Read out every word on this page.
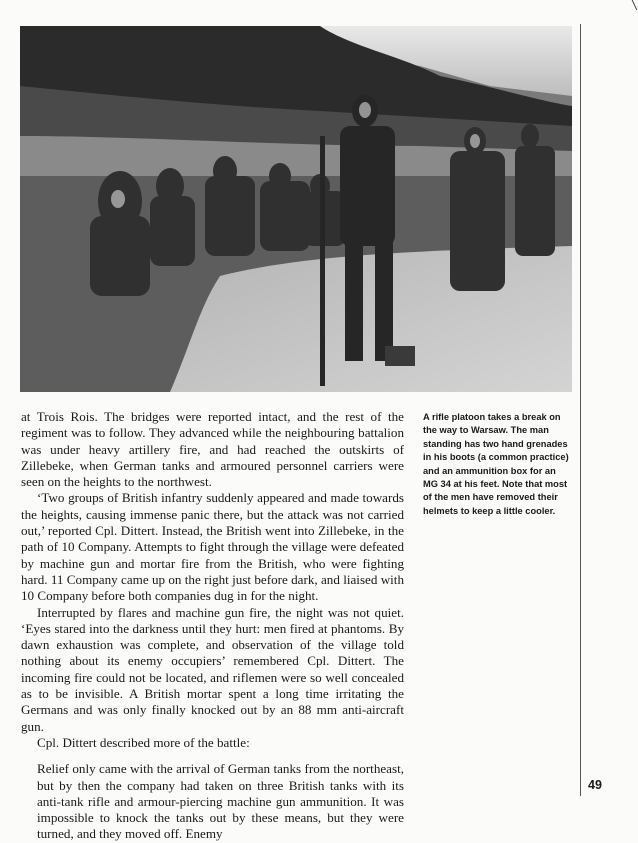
at Trois Rois. The bridges were reported intact, and the rest of the regiment was to follow. They advanced while the neighbouring battalion was under heavy artillery fire, and had reached the outskirts of Zillebeke, when German tanks and armoured personnel carriers were seen on the heights to the northwest.

‘Two groups of British infantry suddenly appeared and made towards the heights, causing immense panic there, but the attack was not carried out,’ reported Cpl. Dittert. Instead, the British went into Zillebeke, in the path of 10 Company. Attempts to fight through the village were defeated by machine gun and mortar fire from the British, who were fighting hard. 11 Company came up on the right just before dark, and liaised with 10 Company before both companies dug in for the night.

Interrupted by flares and machine gun fire, the night was not quiet. ‘Eyes stared into the darkness until they hurt: men fired at phantoms. By dawn exhaustion was complete, and observation of the village told nothing about its enemy occupiers’ remembered Cpl. Dittert. The incoming fire could not be located, and riflemen were so well concealed as to be invisible. A British mortar spent a long time irritating the Germans and was only finally knocked out by an 88 mm anti-aircraft gun.

Cpl. Dittert described more of the battle:

Relief only came with the arrival of German tanks from the northeast, but by then the company had taken on three British tanks with its anti-tank rifle and armour-piercing machine gun ammunition. It was impossible to knock the tanks out by these means, but they were turned, and they moved off. Enemy

A rifle platoon takes a break on the way to Warsaw. The man standing has two hand grenades in his boots (a common practice) and an ammunition box for an MG 34 at his feet. Note that most of the men have removed their helmets to keep a little cooler.
49
